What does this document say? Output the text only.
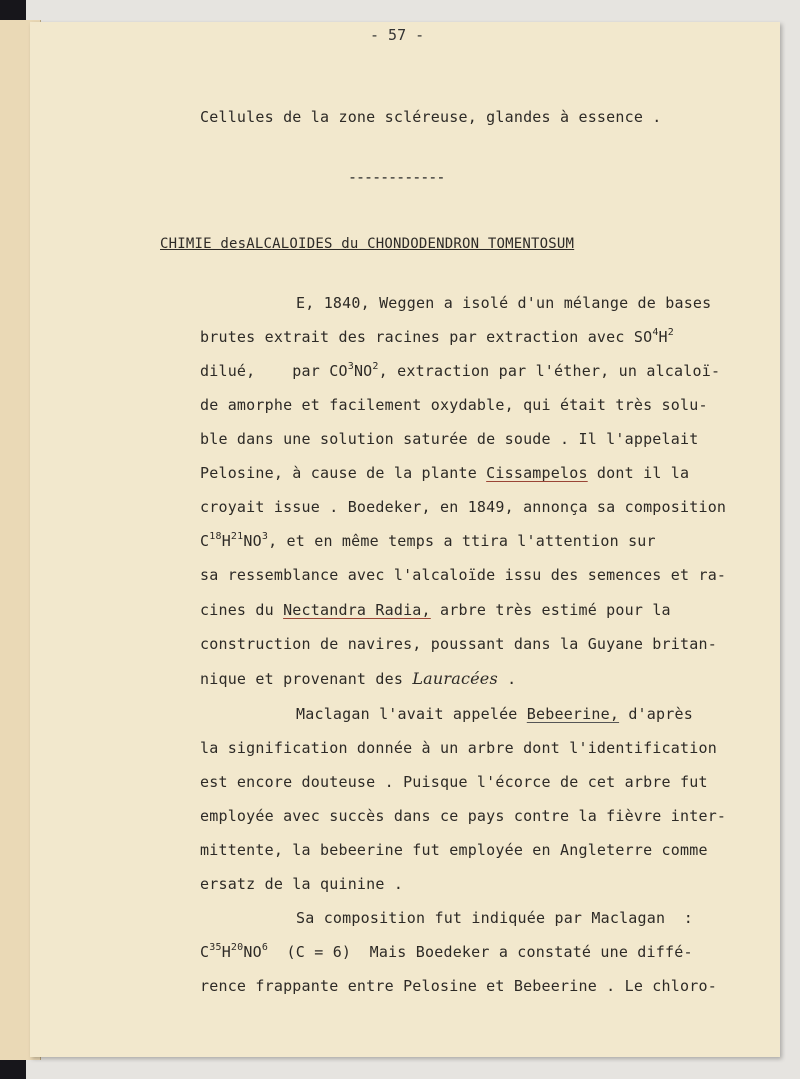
- 57 -
Cellules de la zone scléreuse, glandes à essence .
------------
CHIMIE desALCALOIDES du CHONDODENDRON TOMENTOSUM
E, 1840, Weggen a isolé d'un mélange de bases
brutes extrait des racines par extraction avec $SO^4H^2$
dilué,    par $CO^3NO^2$, extraction par l'éther, un alcaloï-
de amorphe et facilement oxydable, qui était très solu-
ble dans une solution saturée de soude . Il l'appelait
Pelosine, à cause de la plante Cissampelos dont il la
croyait issue . Boedeker, en 1849, annonça sa composition
$C^{18}H^{21}NO^3$, et en même temps a ttira l'attention sur
sa ressemblance avec l'alcaloïde issu des semences et ra-
cines du Nectandra Radia, arbre très estimé pour la
construction de navires, poussant dans la Guyane britan-
nique et provenant des Lauracées .
Maclagan l'avait appelée Bebeerine, d'après
la signification donnée à un arbre dont l'identification
est encore douteuse . Puisque l'écorce de cet arbre fut
employée avec succès dans ce pays contre la fièvre inter-
mittente, la bebeerine fut employée en Angleterre comme
ersatz de la quinine .
Sa composition fut indiquée par Maclagan  :
$C^{35}H^{20}NO^6$  (C = 6)  Mais Boedeker a constaté une diffé-
rence frappante entre Pelosine et Bebeerine . Le chloro-
